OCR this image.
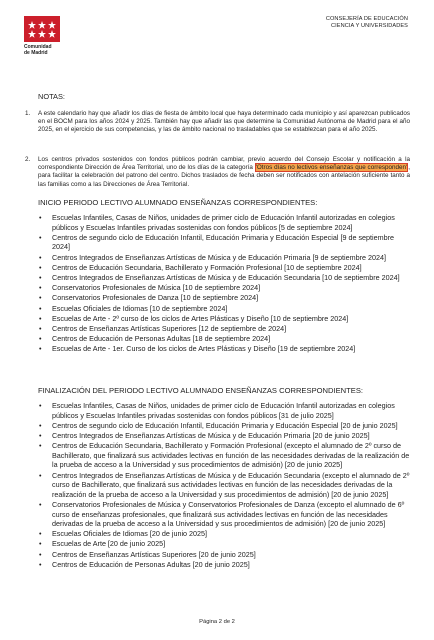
Comunidad
de Madrid
CONSEJERÍA DE EDUCACIÓN
CIENCIA Y UNIVERSIDADES
NOTAS:
1. A este calendario hay que añadir los días de fiesta de ámbito local que haya determinado cada municipio y así aparezcan publicados en el BOCM para los años 2024 y 2025. También hay que añadir las que determine la Comunidad Autónoma de Madrid para el año 2025, en el ejercicio de sus competencias, y las de ámbito nacional no trasladables que se establezcan para el año 2025.
2. Los centros privados sostenidos con fondos públicos podrán cambiar, previo acuerdo del Consejo Escolar y notificación a la correspondiente Dirección de Área Territorial, uno de los días de la categoría 'Otros días no lectivos enseñanzas que corresponden', para facilitar la celebración del patrono del centro. Dichos traslados de fecha deben ser notificados con antelación suficiente tanto a las familias como a las Direcciones de Área Territorial.
INICIO PERIODO LECTIVO ALUMNADO ENSEÑANZAS CORRESPONDIENTES:
• Escuelas Infantiles, Casas de Niños, unidades de primer ciclo de Educación Infantil autorizadas en colegios públicos y Escuelas Infantiles privadas sostenidas con fondos públicos [5 de septiembre 2024]
• Centros de segundo ciclo de Educación Infantil, Educación Primaria y Educación Especial [9 de septiembre 2024]
• Centros Integrados de Enseñanzas Artísticas de Música y de Educación Primaria [9 de septiembre 2024]
• Centros de Educación Secundaria, Bachillerato y Formación Profesional [10 de septiembre 2024]
• Centros Integrados de Enseñanzas Artísticas de Música y de Educación Secundaria [10 de septiembre 2024]
• Conservatorios Profesionales de Música [10 de septiembre 2024]
• Conservatorios Profesionales de Danza [10 de septiembre 2024]
• Escuelas Oficiales de Idiomas [10 de septiembre 2024]
• Escuelas de Arte - 2º curso de los ciclos de Artes Plásticas y Diseño [10 de septiembre 2024]
• Centros de Enseñanzas Artísticas Superiores [12 de septiembre de 2024]
• Centros de Educación de Personas Adultas [18 de septiembre 2024]
• Escuelas de Arte - 1er. Curso de los ciclos de Artes Plásticas y Diseño [19 de septiembre 2024]
FINALIZACIÓN DEL PERIODO LECTIVO ALUMNADO ENSEÑANZAS CORRESPONDIENTES:
• Escuelas Infantiles, Casas de Niños, unidades de primer ciclo de Educación Infantil autorizadas en colegios públicos y Escuelas Infantiles privadas sostenidas con fondos públicos [31 de julio 2025]
• Centros de segundo ciclo de Educación Infantil, Educación Primaria y Educación Especial [20 de junio 2025]
• Centros Integrados de Enseñanzas Artísticas de Música y de Educación Primaria [20 de junio 2025]
• Centros de Educación Secundaria, Bachillerato y Formación Profesional (excepto el alumnado de 2º curso de Bachillerato, que finalizará sus actividades lectivas en función de las necesidades derivadas de la realización de la prueba de acceso a la Universidad y sus procedimientos de admisión) [20 de junio 2025]
• Centros Integrados de Enseñanzas Artísticas de Música y de Educación Secundaria (excepto el alumnado de 2º curso de Bachillerato, que finalizará sus actividades lectivas en función de las necesidades derivadas de la realización de la prueba de acceso a la Universidad y sus procedimientos de admisión) [20 de junio 2025]
• Conservatorios Profesionales de Música y Conservatorios Profesionales de Danza (excepto el alumnado de 6º curso de enseñanzas profesionales, que finalizará sus actividades lectivas en función de las necesidades derivadas de la prueba de acceso a la Universidad y sus procedimientos de admisión) [20 de junio 2025]
• Escuelas Oficiales de Idiomas [20 de junio 2025]
• Escuelas de Arte [20 de junio 2025]
• Centros de Enseñanzas Artísticas Superiores [20 de junio 2025]
• Centros de Educación de Personas Adultas [20 de junio 2025]
Página 2 de 2
